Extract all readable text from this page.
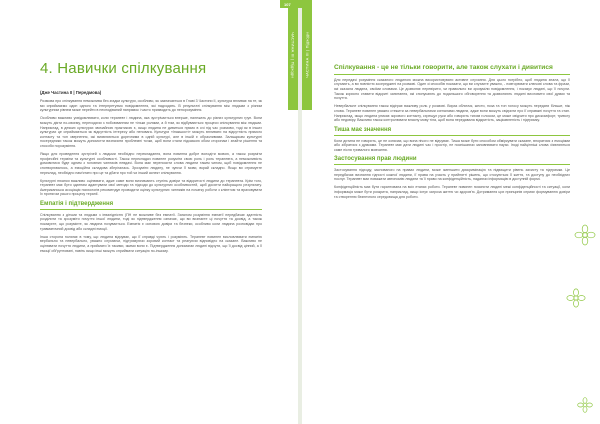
ЧАСТИНА III | Підходи
4. Навички спілкування
(Дже Частина II | Передмова)

Розмова про спілкування неможлива без згадки культури, особливо, як зазначається в Главі 3 Частини II, культура впливає на те, як ми сприймаємо один одного та інтерпретуємо повідомлення, які надходять. В результаті спілкування між людьми з різним культурним рівнем може перейти в несподіваний напрямок і часто призводить до непорозуміння.

Особливо важливо усвідомлювати, коли терапевт і людина, яка зустрічається вперше, належать до різних культурних груп. Вони можуть діяти по-своєму, переходячи з побоюванням не тільки ролями, а й тим, як відбуваються процеси спілкування між людьми. Наприклад, в деяких культурах звичайною практикою є, якщо людина не дивиться прямо в очі під час розмови, тоді як в інших культурах це сприймається як відсутність інтересу або неповага. Культури «Інакшості» можуть впливати на відсутність прямого контакту та тон звернення, які виявляються доречними в одній культурі, але в іншій є образливими. Зальщикам культурні посередники також можуть допомогти визначити проблемні точки, щоб вони стали підказкою обом сторонам і знайти рішення та способи порозуміння.

Якщо для проведення зустрічей з людьми необхідно перекладання, вона повинна добре володіти мовою, а також розуміти професійні терміни та культурні особливості. Також перекладач повинен розуміти свою роль і роль терапевта, а неможливість домовитися буде одним з головних чинників невдачі. Вона має переносити слова людини таким чином, щоб повідомлення не спотворювалось, а емоційна складова зберігалась. Зрозуміти людину, не чуючи її мови, вкрай складно. Якщо ви отримуєте переклад, необхідно пам'ятати про це та дбати про той чи інший аспект спілкування.

Культурні нюанси важливо оцінювати, адже саме вони визначають ступінь довіри та відкритості людини до терапевта. Крім того, терапевт має бути здатним адаптувати свої методи та підходи до культурних особливостей, щоб досягти найкращого результату. Американська асоціація психологів рекомендує проводити оцінку культурних чинників на початку роботи з клієнтом та враховувати їх протягом усього процесу терапії.

Емпатія і підтвердження

Спілкування з дітьми та людьми з інвалідністю (ПН не можливе без емпатії. Загалом розуміння емпатії передбачає здатність розділити та зрозуміти почуття іншої людини, тоді як підтвердження означає, що ви визнаєте ці почуття та досвід, а також показуєте, що розумієте, як людина почувається. Емпатія є основою довіри та безпеки, особливо коли людина розповідає про травматичний досвід або складні емоції.

Інша сторона полягає в тому, що людина відчуває, що її справді чують і розуміють. Терапевт повинен висловлювати емпатію вербально та невербально, уважно слухаючи, підтримуючи зоровий контакт та реагуючи відповідно на сказане. Важливо не оцінювати почуття людини, а приймати їх такими, якими вони є. Підтвердження допомагає людині відчути, що її досвід цінний, а її емоції обґрунтовані, навіть якщо інші можуть сприймати ситуацію по-іншому.

107
ЧАСТИНА III | Підходи	Спілкування - це не тільки говорити, але також слухати і дивитися

Для передачі розуміння сказаного людиною можна використовувати активне слухання. Для цього потрібно, щоб людина знала, що її слухають, а ви повністю зосереджені на розмові. Один зі способів показати, що ви слухаєте уважно, - повторювати ключові слова та фрази, які сказала людина, своїми словами. Це дозволяє перевірити, чи правильно ви зрозуміли повідомлення, і показує людині, що її почули. Також корисно ставити відкриті запитання, які спонукають до подальшого обговорення та дозволяють людині висловити свої думки та почуття.

Невербальне спілкування також відіграє важливу роль у розмові. Вираз обличчя, жести, поза та тон голосу можуть передати більше, ніж слова. Терапевт повинен уважно стежити за невербальними сигналами людини, адже вони можуть свідчити про її справжні почуття та стан. Наприклад, якщо людина уникає зорового контакту, схрещує руки або говорить тихим голосом, це може свідчити про дискомфорт, тривогу або недовіру. Важливо також контролювати власну мову тіла, щоб вона передавала відкритість, зацікавленість і підтримку.

Тиша має значення

Коли дитина не говорить, це не означає, що вона нічого не відчуває. Тиша може бути способом обміркувати сказане, впоратися з емоціями або зібратися з думками. Терапевт має дати людині час і простір, не поспішаючи заповнювати паузи. Іноді найцінніші слова з'являються саме після тривалого мовчання.

Застосування прав людини

Застосування підходу, заснованого на правах людини, може зменшити дискримінацію та підвищити рівень захисту та підтримки. Це передбачає визнання гідності кожної людини, її права на участь у прийнятті рішень, що стосуються її життя, та доступу до необхідних послуг. Терапевт має поважати автономію людини та її право на конфіденційність, надаючи інформацію в доступній формі.

Конфіденційність має бути гарантована на всіх етапах роботи. Терапевт повинен пояснити людині межі конфіденційності та ситуації, коли інформація може бути розкрита, наприклад, якщо існує загроза життю чи здоров'ю. Дотримання цих принципів сприяє формуванню довіри та створенню безпечного середовища для роботи.
